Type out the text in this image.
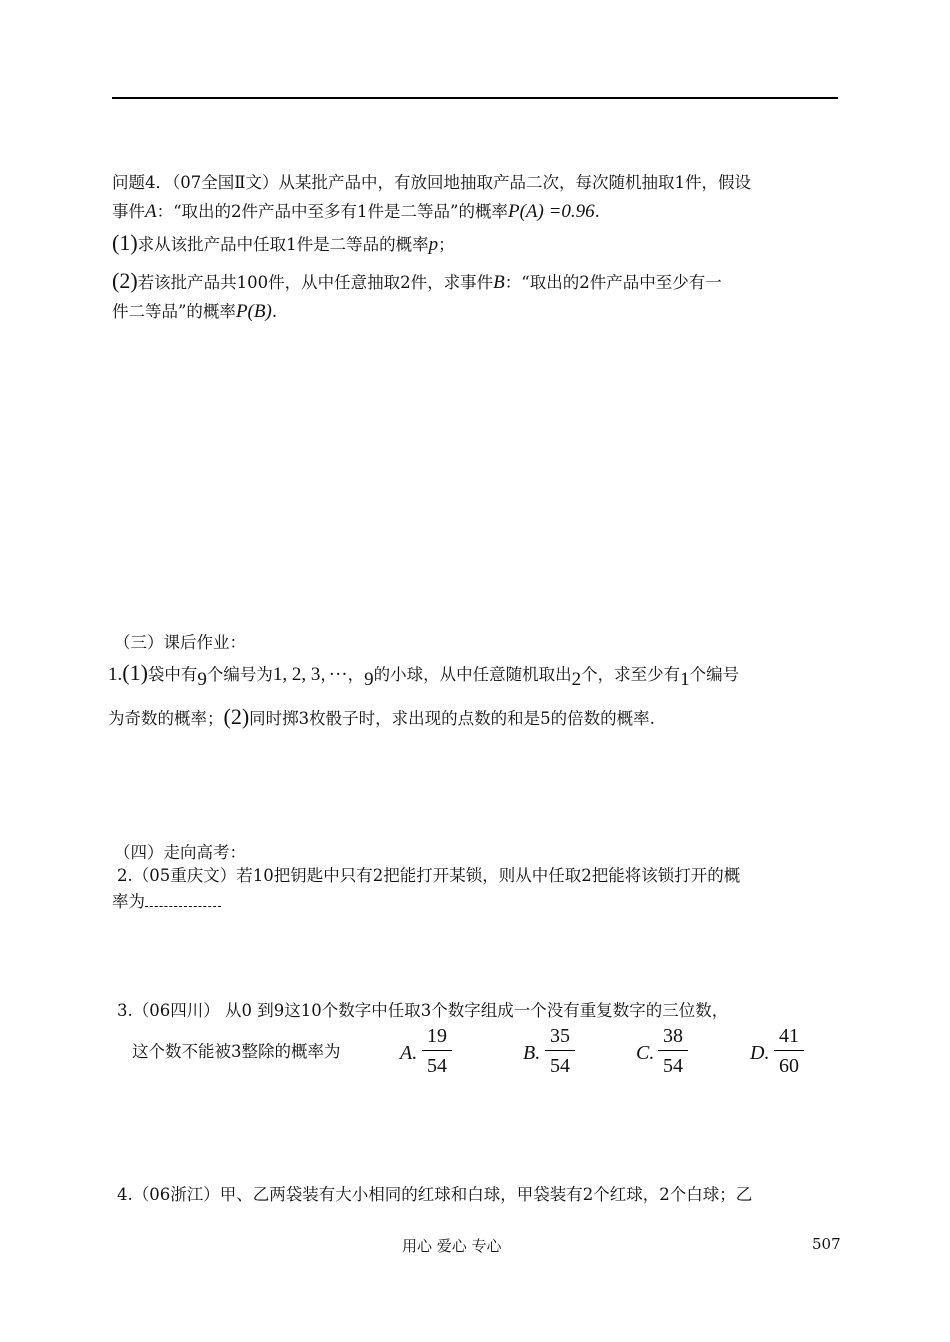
问题4．（07全国Ⅱ文）从某批产品中，有放回地抽取产品二次，每次随机抽取1件，假设
事件A：“取出的2件产品中至多有1件是二等品”的概率P(A) =0.96.
(1)求从该批产品中任取1件是二等品的概率p；
(2)若该批产品共100件，从中任意抽取2件，求事件B：“取出的2件产品中至少有一
件二等品”的概率P(B).
（三）课后作业：
1.(1)袋中有9个编号为1, 2, 3，···，9的小球，从中任意随机取出2个，求至少有1个编号
为奇数的概率；(2)同时掷3枚骰子时，求出现的点数的和是5的倍数的概率.
（四）走向高考：
2.（05重庆文）若10把钥匙中只有2把能打开某锁，则从中任取2把能将该锁打开的概
率为
3.（06四川） 从0 到9这10个数字中任取3个数字组成一个没有重复数字的三位数，
这个数不能被3整除的概率为	A.
19
54
B.
35
54
C.
38
54
D.
41
60
4.（06浙江）甲、乙两袋装有大小相同的红球和白球，甲袋装有2个红球，2个白球；乙
用心 爱心 专心	507
